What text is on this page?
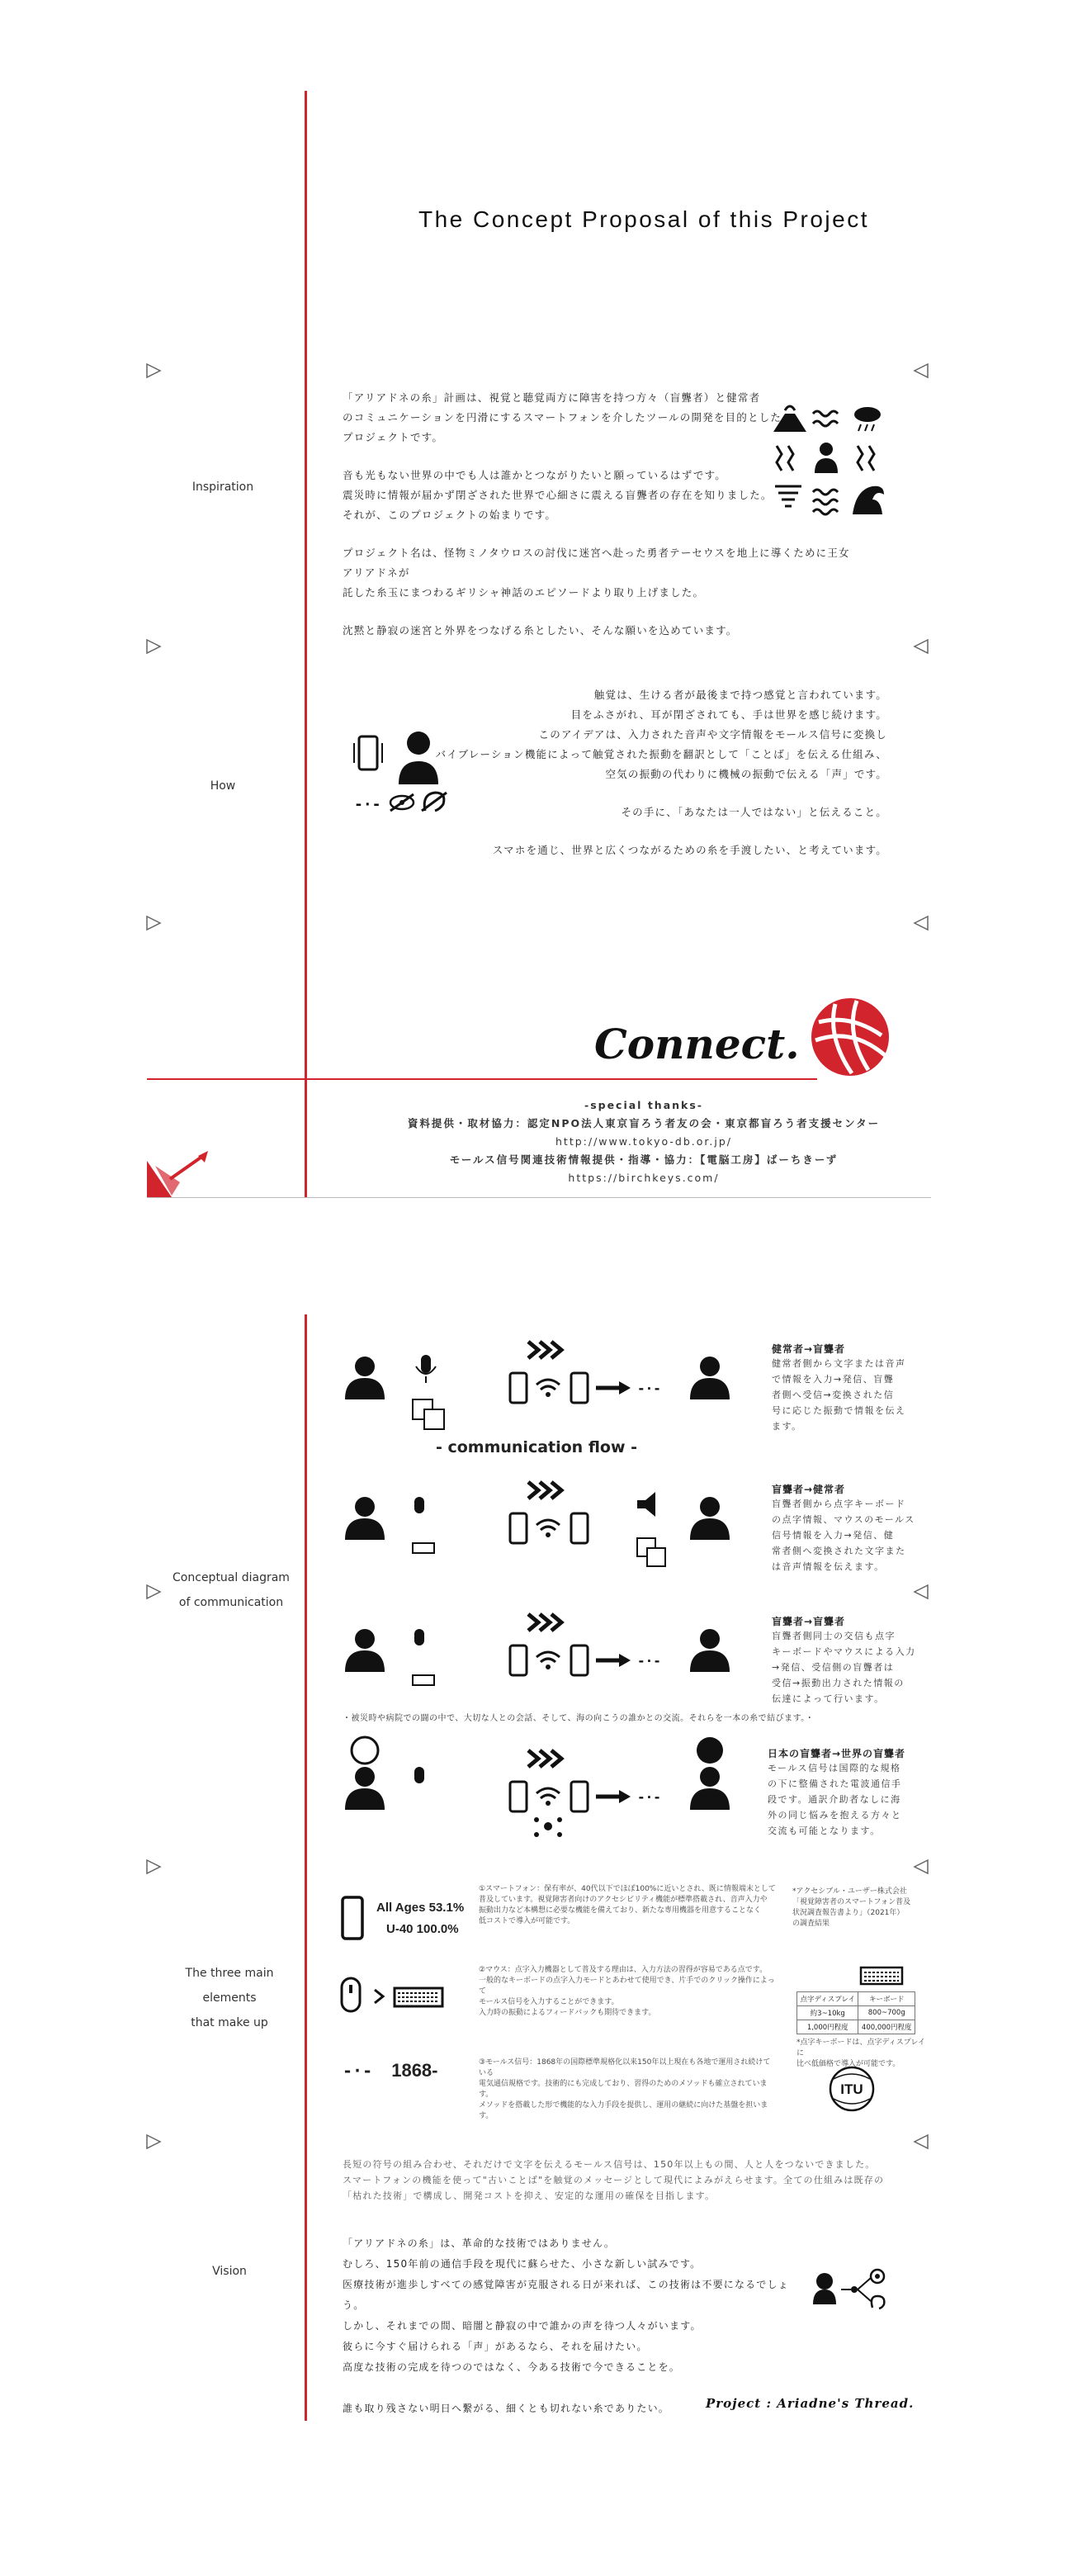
The Concept Proposal of this Project
Inspiration
How

「アリアドネの糸」計画は、視覚と聴覚両方に障害を持つ方々（盲聾者）と健常者

のコミュニケーションを円滑にするスマートフォンを介したツールの開発を目的とした

プロジェクトです。

音も光もない世界の中でも人は誰かとつながりたいと願っているはずです。

震災時に情報が届かず閉ざされた世界で心細さに震える盲聾者の存在を知りました。

それが、このプロジェクトの始まりです。

プロジェクト名は、怪物ミノタウロスの討伐に迷宮へ赴った勇者テーセウスを地上に導くために王女アリアドネが

託した糸玉にまつわるギリシャ神話のエピソードより取り上げました。

沈黙と静寂の迷宮と外界をつなげる糸としたい、そんな願いを込めています。

触覚は、生ける者が最後まで持つ感覚と言われています。

目をふさがれ、耳が閉ざされても、手は世界を感じ続けます。

このアイデアは、入力された音声や文字情報をモールス信号に変換し

バイブレーション機能によって触覚された振動を翻訳として「ことば」を伝える仕組み、

空気の振動の代わりに機械の振動で伝える「声」です。

その手に、「あなたは一人ではない」と伝えること。

スマホを通じ、世界と広くつながるための糸を手渡したい、と考えています。

-·-
Connect.
-special thanks-
資料提供・取材協力：認定NPO法人東京盲ろう者友の会・東京都盲ろう者支援センター
http://www.tokyo-db.or.jp/
モールス信号関連技術情報提供・指導・協力：【電脳工房】ばーちきーず
https://birchkeys.com/
Conceptual diagram
of communication
The three main
elements
that make up
Vision
-·-
健常者→盲聾者
健常者側から文字または音声
で情報を入力→発信、盲聾
者側へ受信→変換された信
号に応じた振動で情報を伝え
ます。
- communication flow -
盲聾者→健常者
盲聾者側から点字キーボード
の点字情報、マウスのモールス
信号情報を入力→発信、健
常者側へ変換された文字また
は音声情報を伝えます。
-·-
盲聾者→盲聾者
盲聾者側同士の交信も点字
キーボードやマウスによる入力
→発信、受信側の盲聾者は
受信→振動出力された情報の
伝達によって行います。
・被災時や病院での闘の中で、大切な人との会話、そして、海の向こうの誰かとの交流。それらを一本の糸で結びます。・
-·-
日本の盲聾者→世界の盲聾者
モールス信号は国際的な規格
の下に整備された電波通信手
段です。通訳介助者なしに海
外の同じ悩みを抱える方々と
交流も可能となります。
All Ages 53.1%
U-40 100.0%
①スマートフォン：保有率が、40代以下でほぼ100%に近いとされ、既に情報端末として
普及しています。視覚障害者向けのアクセシビリティ機能が標準搭載され、音声入力や
振動出力など本構想に必要な機能を備えており、新たな専用機器を用意することなく
低コストで導入が可能です。
*アクセシブル・ユーザー株式会社
「視覚障害者のスマートフォン普及
状況調査報告書より」（2021年）
の調査結果
②マウス：点字入力機器として普及する理由は、入力方法の習得が容易である点です。
一般的なキーボードの点字入力モードとあわせて使用でき、片手でのクリック操作によって
モールス信号を入力することができます。
入力時の振動によるフィードバックも期待できます。
点字ディスプレイ	キーボード
約3~10kg	800~700g
1,000円程度	400,000円程度
*点字キーボードは、点字ディスプレイに
比べ低価格で導入が可能です。
-·- 1868-	③モールス信号：1868年の国際標準規格化以来150年以上現在も各地で運用され続けている
電気通信規格です。技術的にも完成しており、習得のためのメソッドも確立されています。
メソッドを搭載した形で機能的な入力手段を提供し、運用の継続に向けた基盤を担います。
ITU

長短の符号の組み合わせ、それだけで文字を伝えるモールス信号は、150年以上もの間、人と人をつないできました。

スマートフォンの機能を使って"古いことば"を触覚のメッセージとして現代によみがえらせます。全ての仕組みは既存の

「枯れた技術」で構成し、開発コストを抑え、安定的な運用の確保を目指します。

「アリアドネの糸」は、革命的な技術ではありません。

むしろ、150年前の通信手段を現代に蘇らせた、小さな新しい試みです。

医療技術が進歩しすべての感覚障害が克服される日が来れば、この技術は不要になるでしょう。

しかし、それまでの間、暗闇と静寂の中で誰かの声を待つ人々がいます。

彼らに今すぐ届けられる「声」があるなら、それを届けたい。

高度な技術の完成を待つのではなく、今ある技術で今できることを。

誰も取り残さない明日へ繋がる、細くとも切れない糸でありたい。	Project : Ariadne's Thread.
